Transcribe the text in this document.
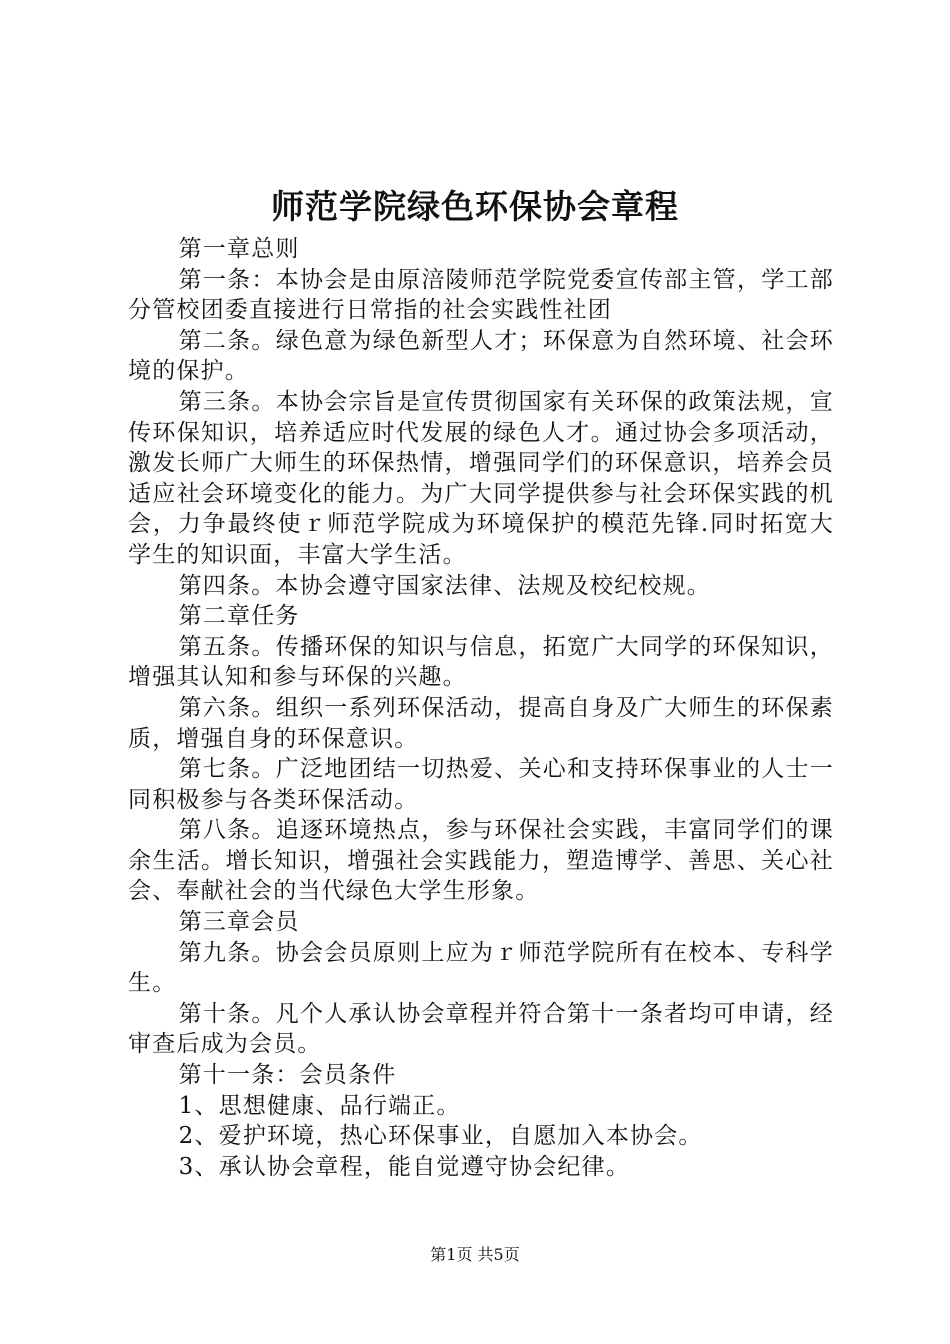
师范学院绿色环保协会章程

第一章总则

第一条：本协会是由原涪陵师范学院党委宣传部主管，学工部分管校团委直接进行日常指的社会实践性社团

第二条。绿色意为绿色新型人才；环保意为自然环境、社会环境的保护。

第三条。本协会宗旨是宣传贯彻国家有关环保的政策法规，宣传环保知识，培养适应时代发展的绿色人才。通过协会多项活动，激发长师广大师生的环保热情，增强同学们的环保意识，培养会员适应社会环境变化的能力。为广大同学提供参与社会环保实践的机会，力争最终使ｒ师范学院成为环境保护的模范先锋.同时拓宽大学生的知识面，丰富大学生活。

第四条。本协会遵守国家法律、法规及校纪校规。

第二章任务

第五条。传播环保的知识与信息，拓宽广大同学的环保知识，增强其认知和参与环保的兴趣。

第六条。组织一系列环保活动，提高自身及广大师生的环保素质，增强自身的环保意识。

第七条。广泛地团结一切热爱、关心和支持环保事业的人士一同积极参与各类环保活动。

第八条。追逐环境热点，参与环保社会实践，丰富同学们的课余生活。增长知识，增强社会实践能力，塑造博学、善思、关心社会、奉献社会的当代绿色大学生形象。

第三章会员

第九条。协会会员原则上应为ｒ师范学院所有在校本、专科学生。

第十条。凡个人承认协会章程并符合第十一条者均可申请，经审查后成为会员。

第十一条：会员条件

1、思想健康、品行端正。

2、爱护环境，热心环保事业，自愿加入本协会。

3、承认协会章程，能自觉遵守协会纪律。

第1页 共5页
